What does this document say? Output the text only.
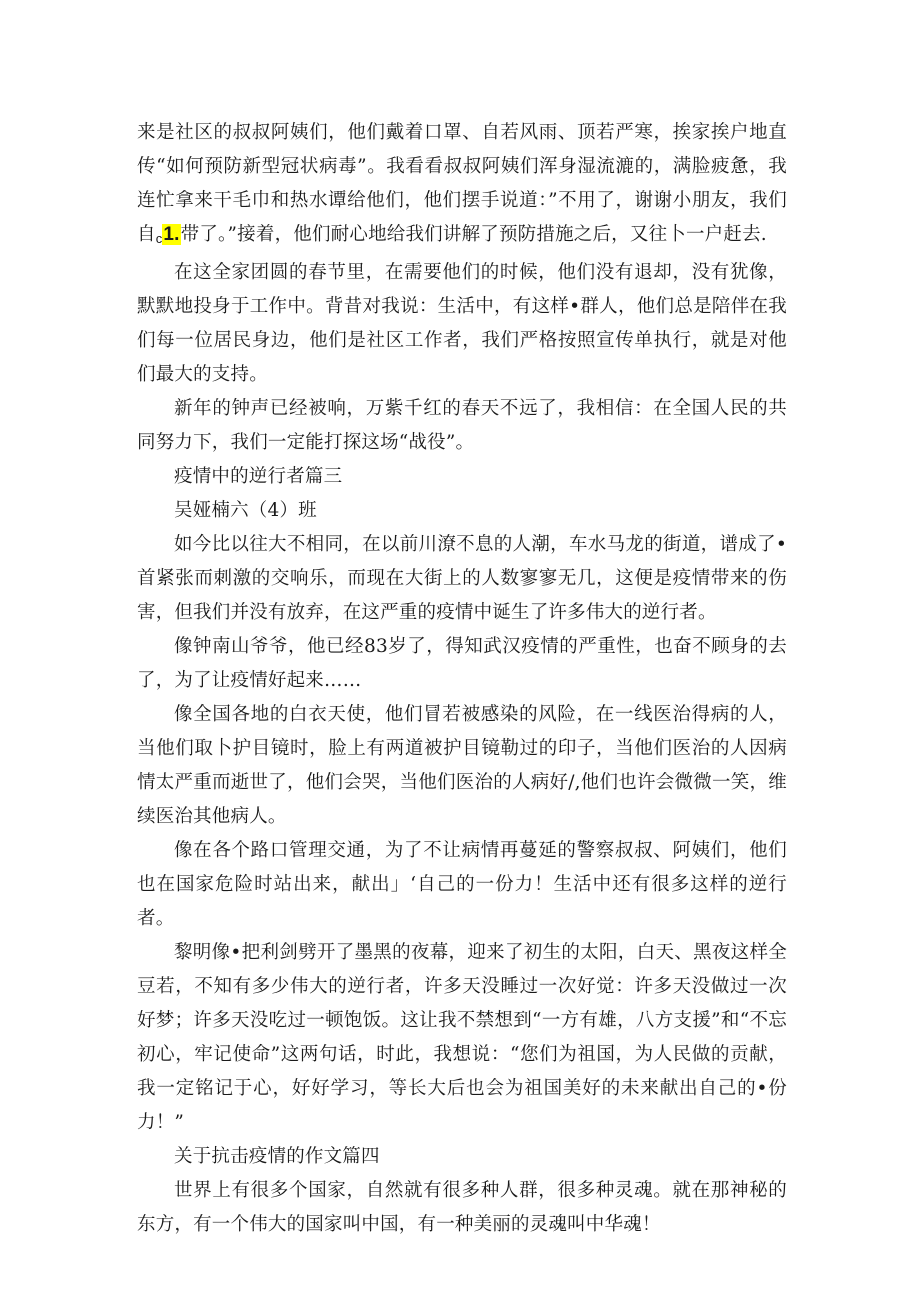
来是社区的叔叔阿姨们，他们戴着口罩、自若风雨、顶若严寒，挨家挨户地直传“如何预防新型冠状病毒”。我看看叔叔阿姨们浑身湿流漉的，满脸疲惫，我连忙拿来干毛巾和热水谭给他们，他们摆手说道：”不用了，谢谢小朋友，我们自c1.带了。”接着，他们耐心地给我们讲解了预防措施之后，又往卜一户赶去.

在这全家团圆的春节里，在需要他们的时候，他们没有退却，没有犹像，默默地投身于工作中。背昔对我说：生活中，有这样•群人，他们总是陪伴在我们每一位居民身边，他们是社区工作者，我们严格按照宣传单执行，就是对他们最大的支持。

新年的钟声已经被响，万紫千红的春天不远了，我相信：在全国人民的共同努力下，我们一定能打探这场“战役”。

疫情中的逆行者篇三

吴娅楠六（4）班

如今比以往大不相同，在以前川潦不息的人潮，车水马龙的街道，谱成了•首紧张而刺激的交响乐，而现在大街上的人数寥寥无几，这便是疫情带来的伤害，但我们并没有放弃，在这严重的疫情中诞生了许多伟大的逆行者。

像钟南山爷爷，他已经83岁了，得知武汉疫情的严重性，也奋不顾身的去了，为了让疫情好起来……

像全国各地的白衣天使，他们冒若被感染的风险，在一线医治得病的人，当他们取卜护目镜时，脸上有两道被护目镜勒过的印子，当他们医治的人因病情太严重而逝世了，他们会哭，当他们医治的人病好/,他们也许会微微一笑，维续医治其他病人。

像在各个路口管理交通，为了不让病情再蔓延的警察叔叔、阿姨们，他们也在国家危险时站出来，献出」‘自己的一份力！生活中还有很多这样的逆行者。

黎明像•把利剑劈开了墨黑的夜幕，迎来了初生的太阳，白天、黑夜这样全豆若，不知有多少伟大的逆行者，许多天没睡过一次好觉：许多天没做过一次好梦；许多天没吃过一顿饱饭。这让我不禁想到“一方有雄，八方支援”和“不忘初心，牢记使命”这两句话，时此，我想说：“您们为祖国，为人民做的贡献，我一定铭记于心，好好学习，等长大后也会为祖国美好的未来献出自己的•份力！”

关于抗击疫情的作文篇四

世界上有很多个国家，自然就有很多种人群，很多种灵魂。就在那神秘的东方，有一个伟大的国家叫中国，有一种美丽的灵魂叫中华魂！
